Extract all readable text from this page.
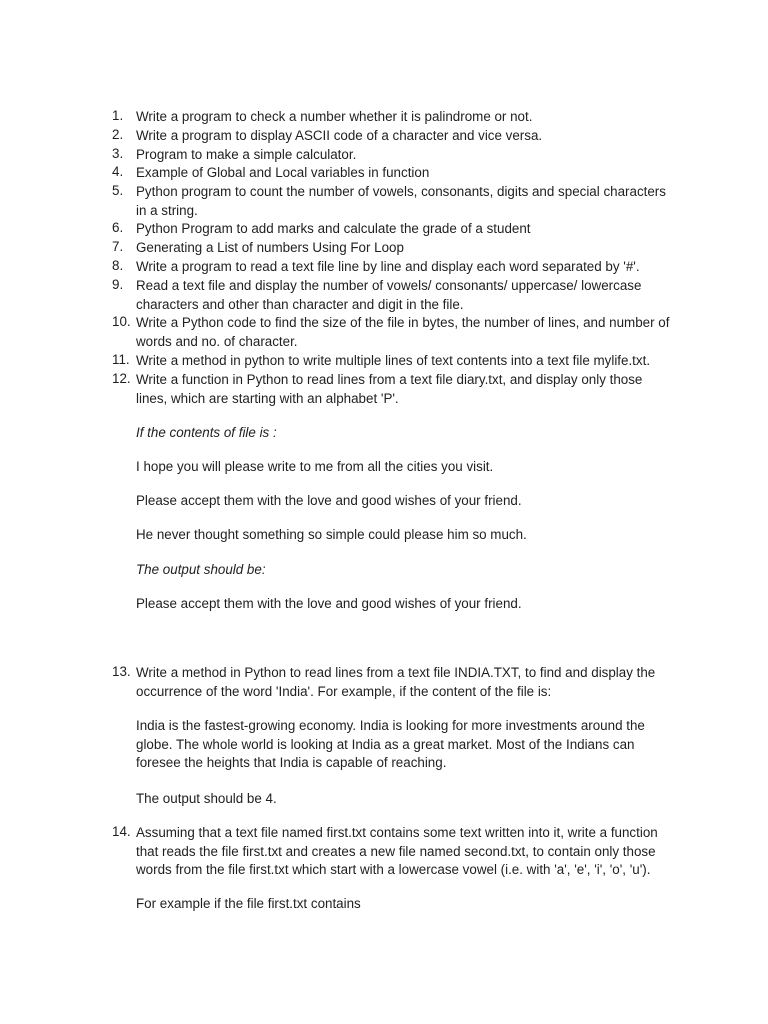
1. Write a program to check a number whether it is palindrome or not.
2. Write a program to display ASCII code of a character and vice versa.
3. Program to make a simple calculator.
4. Example of Global and Local variables in function
5. Python program to count the number of vowels, consonants, digits and special characters in a string.
6. Python Program to add marks and calculate the grade of a student
7. Generating a List of numbers Using For Loop
8. Write a program to read a text file line by line and display each word separated by '#'.
9. Read a text file and display the number of vowels/ consonants/ uppercase/ lowercase characters and other than character and digit in the file.
10. Write a Python code to find the size of the file in bytes, the number of lines, and number of words and no. of character.
11. Write a method in python to write multiple lines of text contents into a text file mylife.txt.
12. Write a function in Python to read lines from a text file diary.txt, and display only those lines, which are starting with an alphabet 'P'.
If the contents of file is :
I hope you will please write to me from all the cities you visit.
Please accept them with the love and good wishes of your friend.
He never thought something so simple could please him so much.
The output should be:
Please accept them with the love and good wishes of your friend.
13. Write a method in Python to read lines from a text file INDIA.TXT, to find and display the occurrence of the word 'India'. For example, if the content of the file is:
India is the fastest-growing economy. India is looking for more investments around the globe. The whole world is looking at India as a great market. Most of the Indians can foresee the heights that India is capable of reaching.
The output should be 4.
14. Assuming that a text file named first.txt contains some text written into it, write a function that reads the file first.txt and creates a new file named second.txt, to contain only those words from the file first.txt which start with a lowercase vowel (i.e. with 'a', 'e', 'i', 'o', 'u').
For example if the file first.txt contains
